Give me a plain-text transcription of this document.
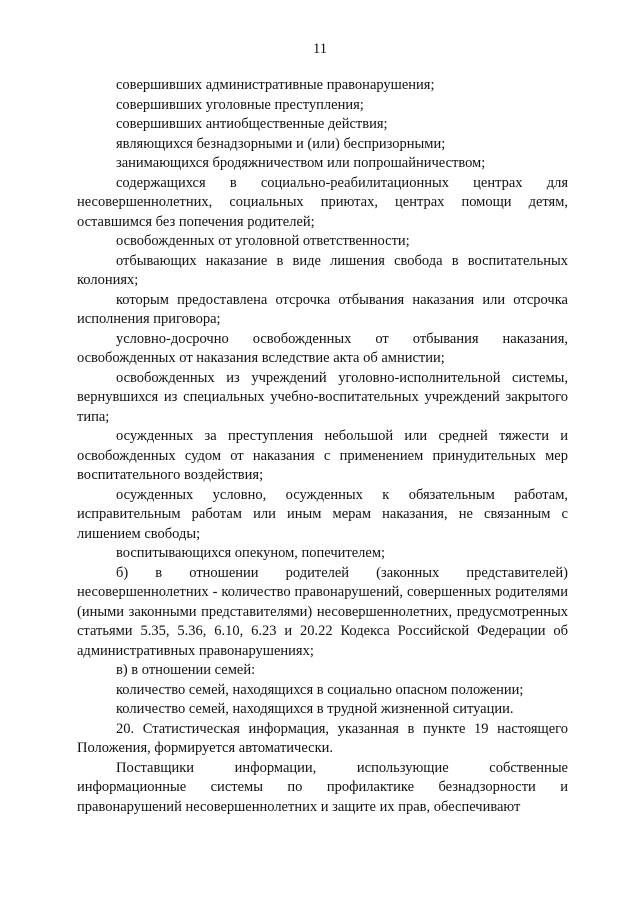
11

совершивших административные правонарушения;

совершивших уголовные преступления;

совершивших антиобщественные действия;

являющихся безнадзорными и (или) беспризорными;

занимающихся бродяжничеством или попрошайничеством;

содержащихся в социально-реабилитационных центрах для несовершеннолетних, социальных приютах, центрах помощи детям, оставшимся без попечения родителей;

освобожденных от уголовной ответственности;

отбывающих наказание в виде лишения свобода в воспитательных колониях;

которым предоставлена отсрочка отбывания наказания или отсрочка исполнения приговора;

условно-досрочно освобожденных от отбывания наказания, освобожденных от наказания вследствие акта об амнистии;

освобожденных из учреждений уголовно-исполнительной системы, вернувшихся из специальных учебно-воспитательных учреждений закрытого типа;

осужденных за преступления небольшой или средней тяжести и освобожденных судом от наказания с применением принудительных мер воспитательного воздействия;

осужденных условно, осужденных к обязательным работам, исправительным работам или иным мерам наказания, не связанным с лишением свободы;

воспитывающихся опекуном, попечителем;

б) в отношении родителей (законных представителей) несовершеннолетних - количество правонарушений, совершенных родителями (иными законными представителями) несовершеннолетних, предусмотренных статьями 5.35, 5.36, 6.10, 6.23 и 20.22 Кодекса Российской Федерации об административных правонарушениях;

в) в отношении семей:

количество семей, находящихся в социально опасном положении;

количество семей, находящихся в трудной жизненной ситуации.

20. Статистическая информация, указанная в пункте 19 настоящего Положения, формируется автоматически.

Поставщики информации, использующие собственные информационные системы по профилактике безнадзорности и правонарушений несовершеннолетних и защите их прав, обеспечивают
